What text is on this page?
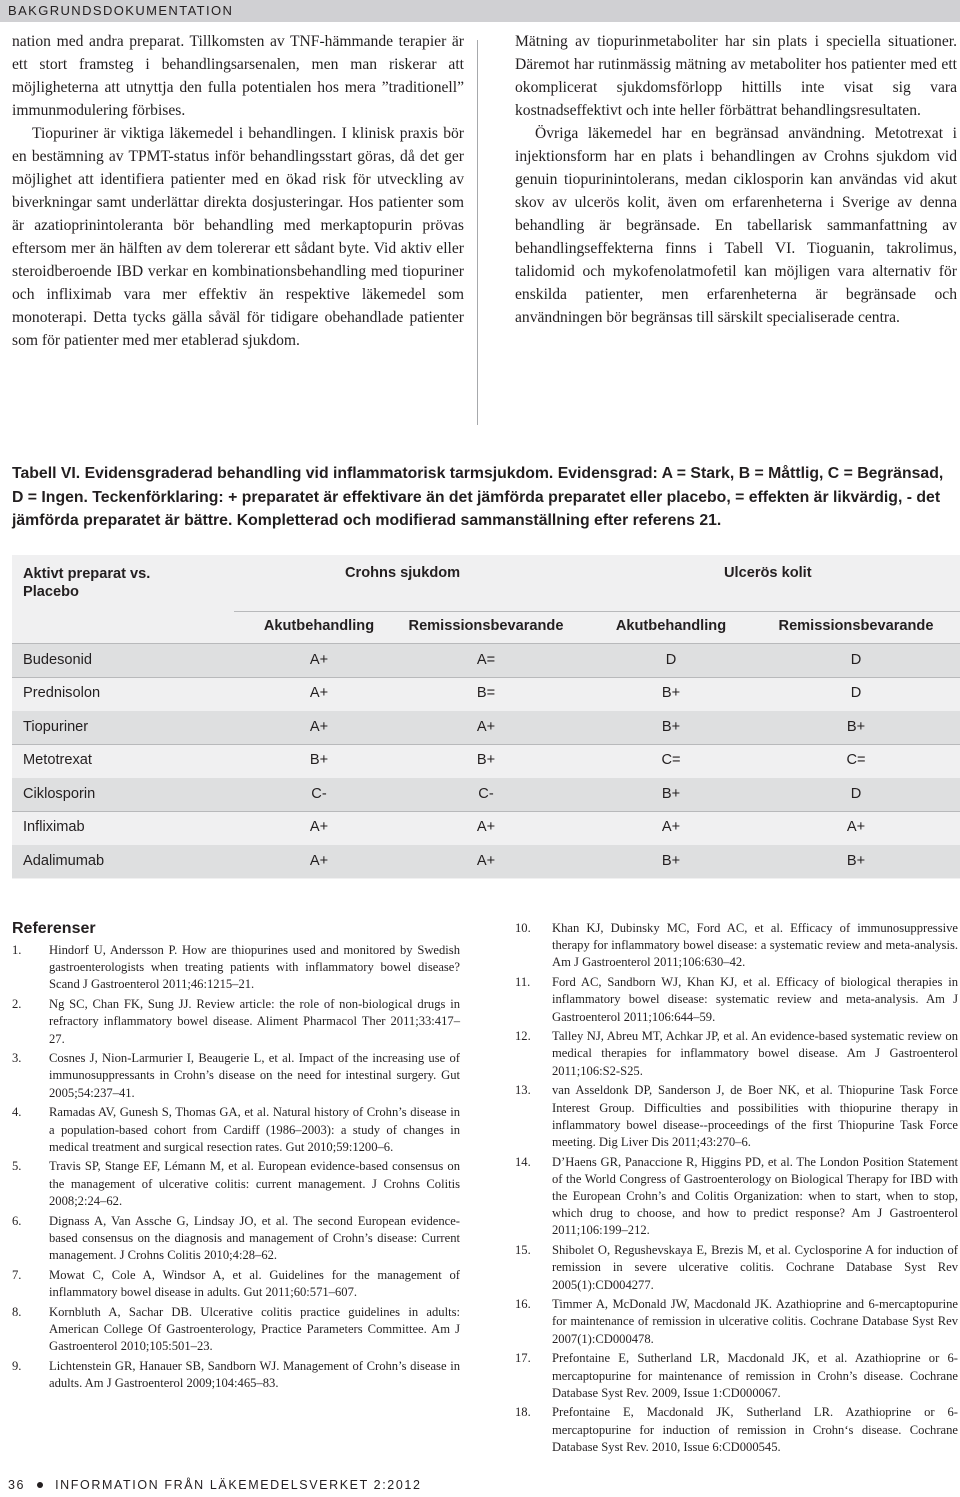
BAKGRUNDSDOKUMENTATION

nation med andra preparat. Tillkomsten av TNF-hämmande terapier är ett stort framsteg i behandlingsarsenalen, men man riskerar att möjligheterna att utnyttja den fulla potentialen hos mera ”traditionell” immunmodulering förbises.

Tiopuriner är viktiga läkemedel i behandlingen. I klinisk praxis bör en bestämning av TPMT-status inför behandlingsstart göras, då det ger möjlighet att identifiera patienter med en ökad risk för utveckling av biverkningar samt underlättar direkta dosjusteringar. Hos patienter som är azatioprinintoleranta bör behandling med merkaptopurin prövas eftersom mer än hälften av dem tolererar ett sådant byte. Vid aktiv eller steroidberoende IBD verkar en kombinationsbehandling med tiopuriner och infliximab vara mer effektiv än respektive läkemedel som monoterapi. Detta tycks gälla såväl för tidigare obehandlade patienter som för patienter med mer etablerad sjukdom.

Mätning av tiopurinmetaboliter har sin plats i speciella situationer. Däremot har rutinmässig mätning av metaboliter hos patienter med ett okomplicerat sjukdomsförlopp hittills inte visat sig vara kostnadseffektivt och inte heller förbättrat behandlingsresultaten.

Övriga läkemedel har en begränsad användning. Metotrexat i injektionsform har en plats i behandlingen av Crohns sjukdom vid genuin tiopurinintolerans, medan ciklosporin kan användas vid akut skov av ulcerös kolit, även om erfarenheterna i Sverige av denna behandling är begränsade. En tabellarisk sammanfattning av behandlingseffekterna finns i Tabell VI. Tioguanin, takrolimus, talidomid och mykofenolatmofetil kan möjligen vara alternativ för enskilda patienter, men erfarenheterna är begränsade och användningen bör begränsas till särskilt specialiserade centra.

Tabell VI. Evidensgraderad behandling vid inflammatorisk tarmsjukdom. Evidensgrad: A = Stark, B = Måttlig, C = Begränsad, D = Ingen. Teckenförklaring: + preparatet är effektivare än det jämförda preparatet eller placebo, = effekten är likvärdig, - det jämförda preparatet är bättre. Kompletterad och modifierad sammanställning efter referens 21.
Aktivt preparat vs.
Placebo
Crohns sjukdom	Ulcerös kolit
Akutbehandling	Remissionsbevarande	Akutbehandling	Remissionsbevarande
Budesonid	A+	A=	D	D
Prednisolon	A+	B=	B+	D
Tiopuriner	A+	A+	B+	B+
Metotrexat	B+	B+	C=	C=
Ciklosporin	C-	C-	B+	D
Infliximab	A+	A+	A+	A+
Adalimumab	A+	A+	B+	B+
Referenser
1.	Hindorf U, Andersson P. How are thiopurines used and monitored by Swedish gastroenterologists when treating patients with inflammatory bowel disease? Scand J Gastroenterol 2011;46:1215–21.
2.	Ng SC, Chan FK, Sung JJ. Review article: the role of non-biological drugs in refractory inflammatory bowel disease. Aliment Pharmacol Ther 2011;33:417–27.
3.	Cosnes J, Nion-Larmurier I, Beaugerie L, et al. Impact of the increasing use of immunosuppressants in Crohn’s disease on the need for intestinal surgery. Gut 2005;54:237–41.
4.	Ramadas AV, Gunesh S, Thomas GA, et al. Natural history of Crohn’s disease in a population-based cohort from Cardiff (1986–2003): a study of changes in medical treatment and surgical resection rates. Gut 2010;59:1200–6.
5.	Travis SP, Stange EF, Lémann M, et al. European evidence-based consensus on the management of ulcerative colitis: current management. J Crohns Colitis 2008;2:24–62.
6.	Dignass A, Van Assche G, Lindsay JO, et al. The second European evidence-based consensus on the diagnosis and management of Crohn’s disease: Current management. J Crohns Colitis 2010;4:28–62.
7.	Mowat C, Cole A, Windsor A, et al. Guidelines for the management of inflammatory bowel disease in adults. Gut 2011;60:571–607.
8.	Kornbluth A, Sachar DB. Ulcerative colitis practice guidelines in adults: American College Of Gastroenterology, Practice Parameters Committee. Am J Gastroenterol 2010;105:501–23.
9.	Lichtenstein GR, Hanauer SB, Sandborn WJ. Management of Crohn’s disease in adults. Am J Gastroenterol 2009;104:465–83.
10.	Khan KJ, Dubinsky MC, Ford AC, et al. Efficacy of immunosuppressive therapy for inflammatory bowel disease: a systematic review and meta-analysis. Am J Gastroenterol 2011;106:630–42.
11.	Ford AC, Sandborn WJ, Khan KJ, et al. Efficacy of biological therapies in inflammatory bowel disease: systematic review and meta-analysis. Am J Gastroenterol 2011;106:644–59.
12.	Talley NJ, Abreu MT, Achkar JP, et al. An evidence-based systematic review on medical therapies for inflammatory bowel disease. Am J Gastroenterol 2011;106:S2-S25.
13.	van Asseldonk DP, Sanderson J, de Boer NK, et al. Thiopurine Task Force Interest Group. Difficulties and possibilities with thiopurine therapy in inflammatory bowel disease--proceedings of the first Thiopurine Task Force meeting. Dig Liver Dis 2011;43:270–6.
14.	D’Haens GR, Panaccione R, Higgins PD, et al. The London Position Statement of the World Congress of Gastroenterology on Biological Therapy for IBD with the European Crohn’s and Colitis Organization: when to start, when to stop, which drug to choose, and how to predict response? Am J Gastroenterol 2011;106:199–212.
15.	Shibolet O, Regushevskaya E, Brezis M, et al. Cyclosporine A for induction of remission in severe ulcerative colitis. Cochrane Database Syst Rev 2005(1):CD004277.
16.	Timmer A, McDonald JW, Macdonald JK. Azathioprine and 6-mercaptopurine for maintenance of remission in ulcerative colitis. Cochrane Database Syst Rev 2007(1):CD000478.
17.	Prefontaine E, Sutherland LR, Macdonald JK, et al. Azathioprine or 6-mercaptopurine for maintenance of remission in Crohn’s disease. Cochrane Database Syst Rev. 2009, Issue 1:CD000067.
18.	Prefontaine E, Macdonald JK, Sutherland LR. Azathioprine or 6-mercaptopurine for induction of remission in Crohn‘s disease. Cochrane Database Syst Rev. 2010, Issue 6:CD000545.
36 INFORMATION FRÅN LÄKEMEDELSVERKET 2:2012
